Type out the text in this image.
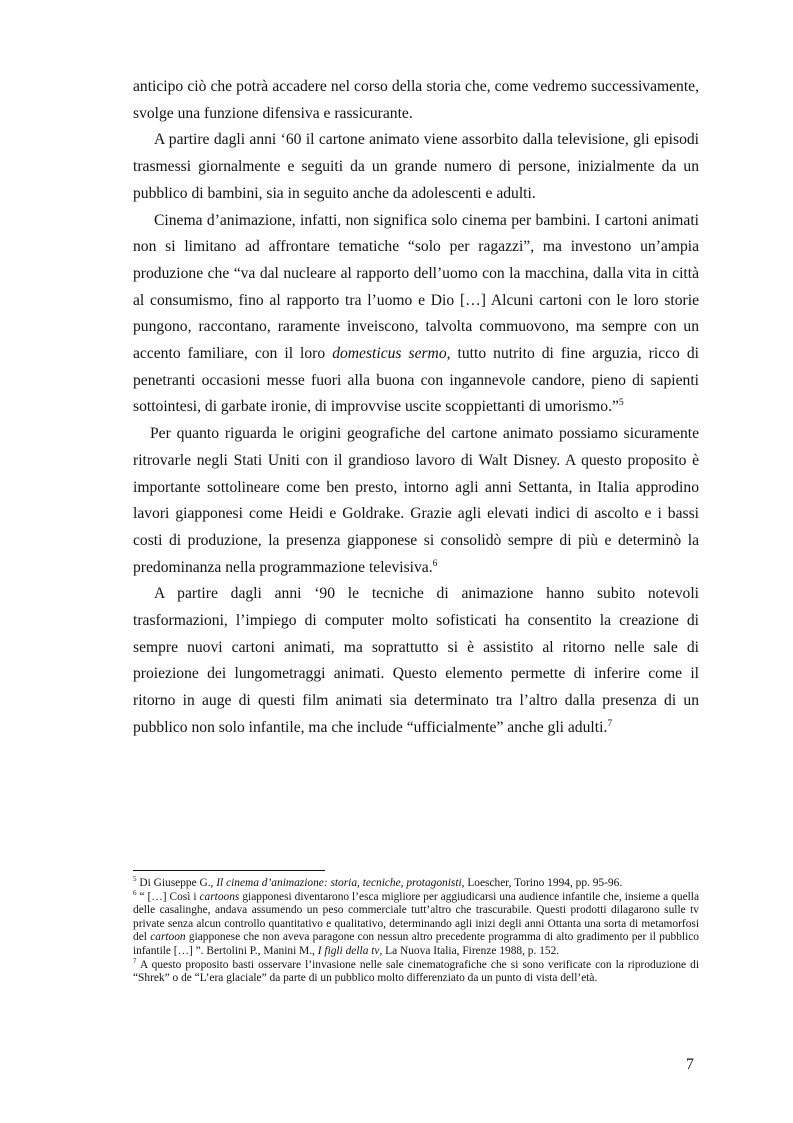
anticipo ciò che potrà accadere nel corso della storia che, come vedremo successivamente, svolge una funzione difensiva e rassicurante.

A partire dagli anni ‘60 il cartone animato viene assorbito dalla televisione, gli episodi trasmessi giornalmente e seguiti da un grande numero di persone, inizialmente da un pubblico di bambini, sia in seguito anche da adolescenti e adulti.

Cinema d’animazione, infatti, non significa solo cinema per bambini. I cartoni animati non si limitano ad affrontare tematiche “solo per ragazzi”, ma investono un’ampia produzione che “va dal nucleare al rapporto dell’uomo con la macchina, dalla vita in città al consumismo, fino al rapporto tra l’uomo e Dio […] Alcuni cartoni con le loro storie pungono, raccontano, raramente inveiscono, talvolta commuovono, ma sempre con un accento familiare, con il loro domesticus sermo, tutto nutrito di fine arguzia, ricco di penetranti occasioni messe fuori alla buona con ingannevole candore, pieno di sapienti sottointesi, di garbate ironie, di improvvise uscite scoppiettanti di umorismo.”$^5$

Per quanto riguarda le origini geografiche del cartone animato possiamo sicuramente ritrovarle negli Stati Uniti con il grandioso lavoro di Walt Disney. A questo proposito è importante sottolineare come ben presto, intorno agli anni Settanta, in Italia approdino lavori giapponesi come Heidi e Goldrake. Grazie agli elevati indici di ascolto e i bassi costi di produzione, la presenza giapponese si consolidò sempre di più e determinò la predominanza nella programmazione televisiva.$^6$

A partire dagli anni ‘90 le tecniche di animazione hanno subito notevoli trasformazioni, l’impiego di computer molto sofisticati ha consentito la creazione di sempre nuovi cartoni animati, ma soprattutto si è assistito al ritorno nelle sale di proiezione dei lungometraggi animati. Questo elemento permette di inferire come il ritorno in auge di questi film animati sia determinato tra l’altro dalla presenza di un pubblico non solo infantile, ma che include “ufficialmente” anche gli adulti.$^7$

$^5$ Di Giuseppe G., Il cinema d’animazione: storia, tecniche, protagonisti, Loescher, Torino 1994, pp. 95-96.

$^6$ “ […] Così i cartoons giapponesi diventarono l’esca migliore per aggiudicarsi una audience infantile che, insieme a quella delle casalinghe, andava assumendo un peso commerciale tutt’altro che trascurabile. Questi prodotti dilagarono sulle tv private senza alcun controllo quantitativo e qualitativo, determinando agli inizi degli anni Ottanta una sorta di metamorfosi del cartoon giapponese che non aveva paragone con nessun altro precedente programma di alto gradimento per il pubblico infantile […] ”. Bertolini P., Manini M., I figli della tv, La Nuova Italia, Firenze 1988, p. 152.

$^7$ A questo proposito basti osservare l’invasione nelle sale cinematografiche che si sono verificate con la riproduzione di “Shrek” o de “L’era glaciale” da parte di un pubblico molto differenziato da un punto di vista dell’età.

7
